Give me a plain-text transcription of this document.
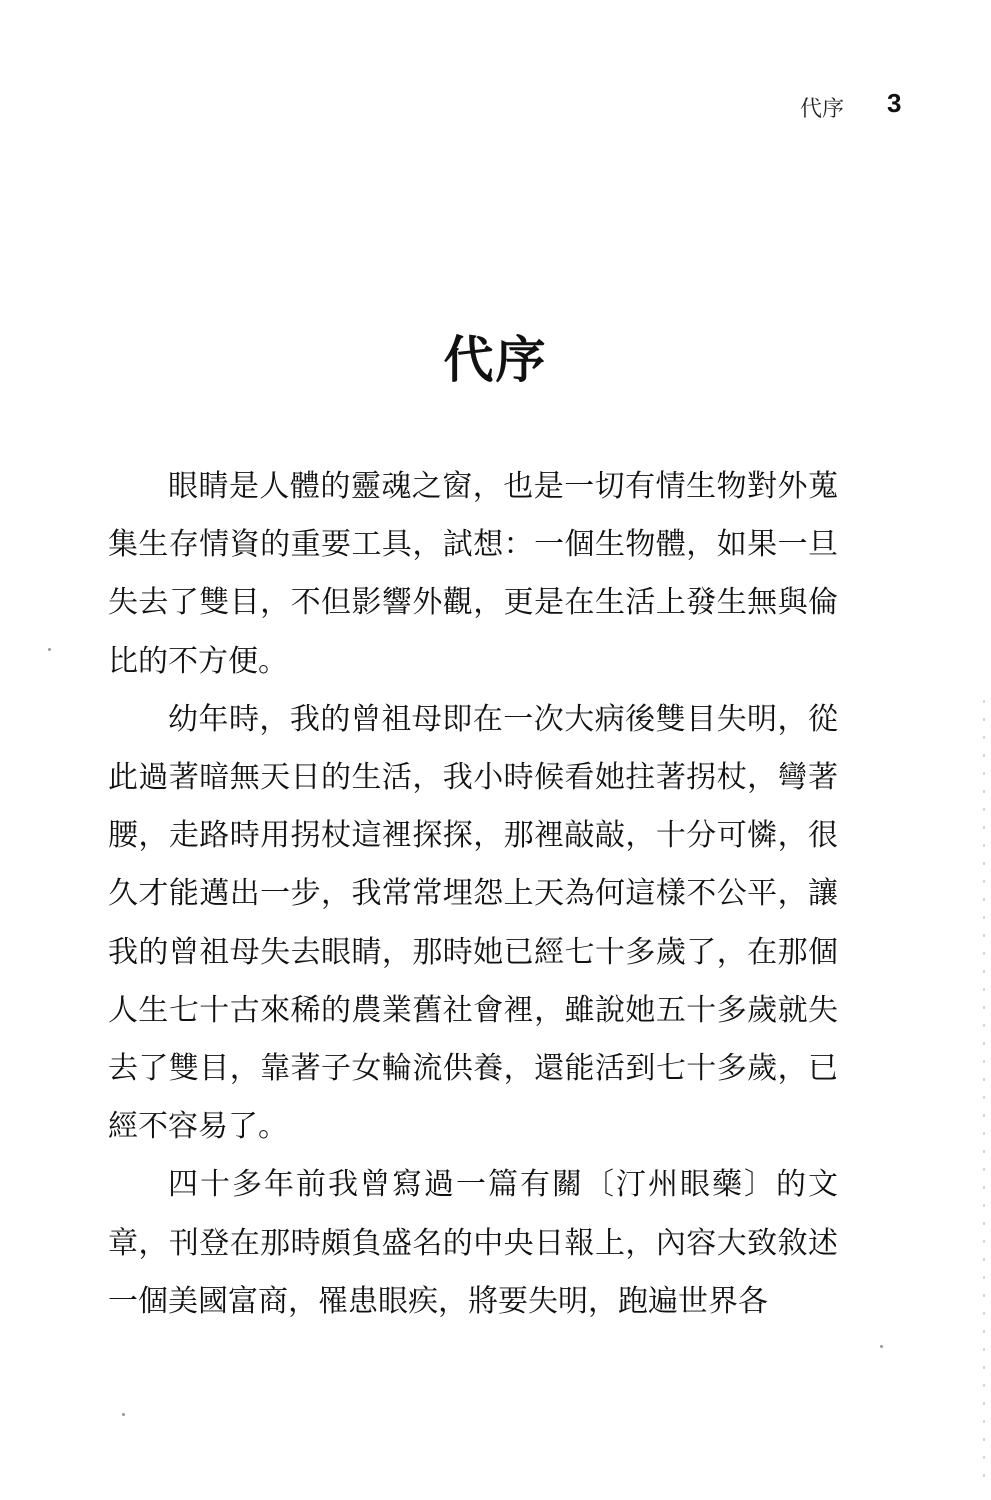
代序 3
代序

眼睛是人體的靈魂之窗，也是一切有情生物對外蒐集生存情資的重要工具，試想：一個生物體，如果一旦失去了雙目，不但影響外觀，更是在生活上發生無與倫比的不方便。

幼年時，我的曾祖母即在一次大病後雙目失明，從此過著暗無天日的生活，我小時候看她拄著拐杖，彎著腰，走路時用拐杖這裡探探，那裡敲敲，十分可憐，很久才能邁出一步，我常常埋怨上天為何這樣不公平，讓我的曾祖母失去眼睛，那時她已經七十多歲了，在那個人生七十古來稀的農業舊社會裡，雖說她五十多歲就失去了雙目，靠著子女輪流供養，還能活到七十多歲，已經不容易了。

四十多年前我曾寫過一篇有關〔汀州眼藥〕的文章，刊登在那時頗負盛名的中央日報上，內容大致敘述一個美國富商，罹患眼疾，將要失明，跑遍世界各
